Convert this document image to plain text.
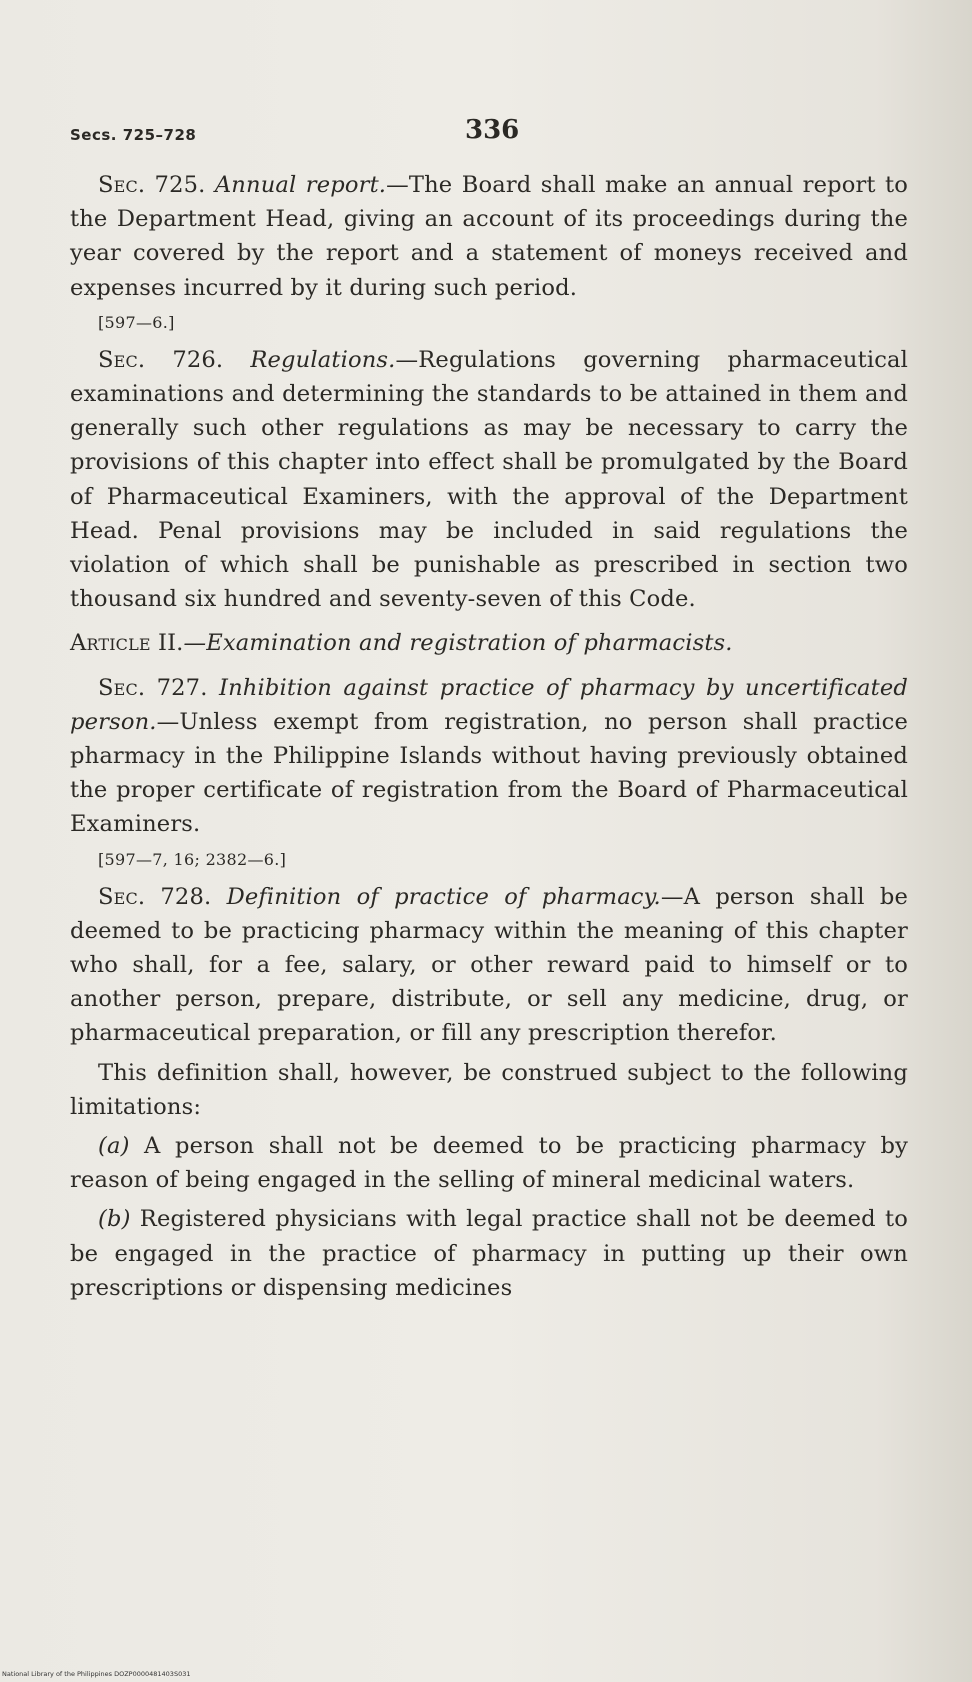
Secs. 725–728	336

Sec. 725. Annual report.—The Board shall make an annual report to the Department Head, giving an account of its proceedings during the year covered by the report and a statement of moneys received and expenses incurred by it during such period.

[597—6.]

Sec. 726. Regulations.—Regulations governing pharmaceutical examinations and determining the standards to be attained in them and generally such other regulations as may be necessary to carry the provisions of this chapter into effect shall be promulgated by the Board of Pharmaceutical Examiners, with the approval of the Department Head. Penal provisions may be included in said regulations the violation of which shall be punishable as prescribed in section two thousand six hundred and seventy-seven of this Code.

Article II.—Examination and registration of pharmacists.

Sec. 727. Inhibition against practice of pharmacy by uncertificated person.—Unless exempt from registration, no person shall practice pharmacy in the Philippine Islands without having previously obtained the proper certificate of registration from the Board of Pharmaceutical Examiners.

[597—7, 16; 2382—6.]

Sec. 728. Definition of practice of pharmacy.—A person shall be deemed to be practicing pharmacy within the meaning of this chapter who shall, for a fee, salary, or other reward paid to himself or to another person, prepare, distribute, or sell any medicine, drug, or pharmaceutical preparation, or fill any prescription therefor.

This definition shall, however, be construed subject to the following limitations:

(a) A person shall not be deemed to be practicing pharmacy by reason of being engaged in the selling of mineral medicinal waters.

(b) Registered physicians with legal practice shall not be deemed to be engaged in the practice of pharmacy in putting up their own prescriptions or dispensing medicines

National Library of the Philippines DOZP0000481403S031
